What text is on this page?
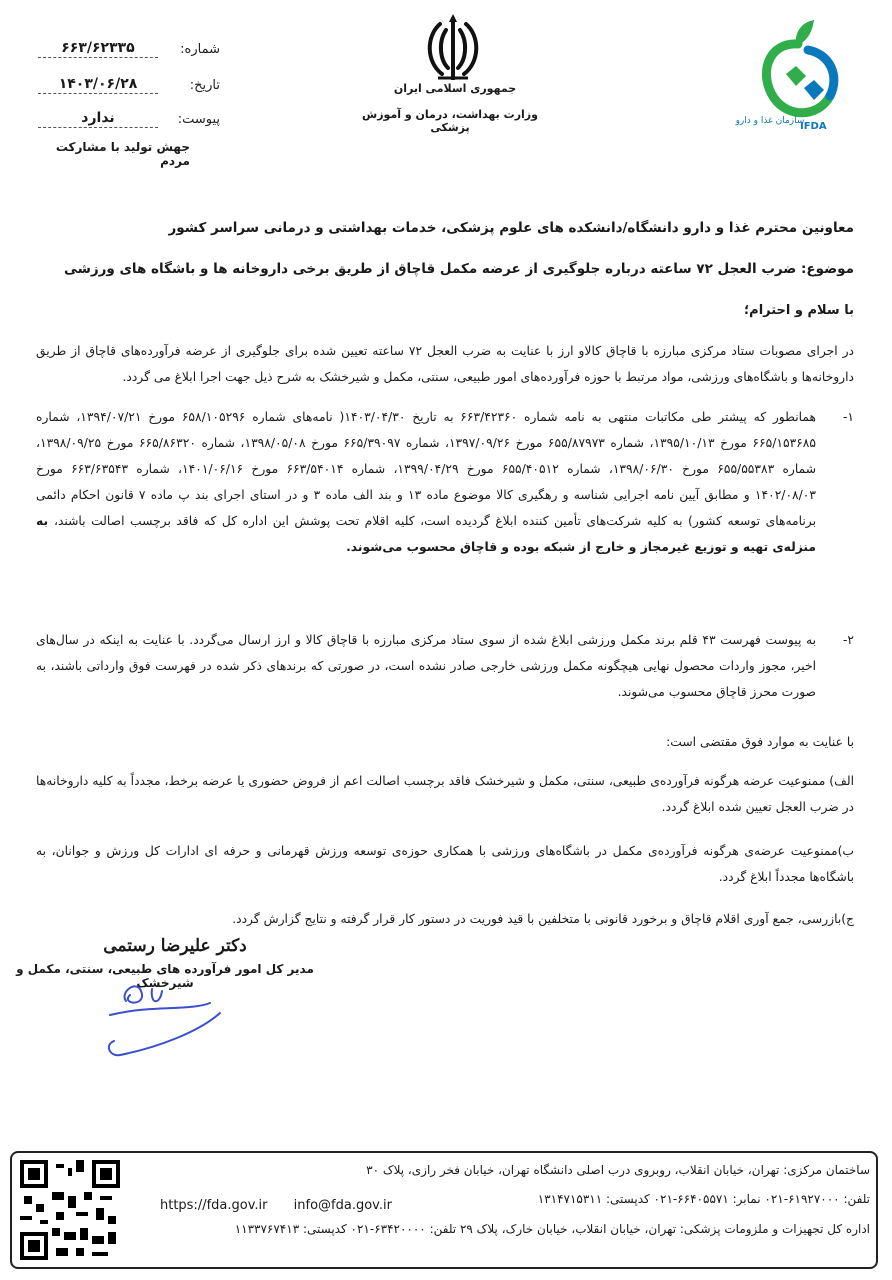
شماره:
۶۶۳/۶۲۳۳۵
تاریخ:
۱۴۰۳/۰۶/۲۸
پیوست:
ندارد
جهش تولید با مشارکت مردم
جمهوری اسلامی ایران
وزارت بهداشت، درمان و آموزش پزشکی	سازمان غذا و دارو
IFDA
معاونین محترم غذا و دارو دانشگاه/دانشکده های علوم پزشکی، خدمات بهداشتی و درمانی سراسر کشور
موضوع: ضرب العجل ۷۲ ساعته درباره جلوگیری از عرضه مکمل قاچاق از طریق برخی داروخانه ها و باشگاه های ورزشی
با سلام و احترام؛
در اجرای مصوبات ستاد مرکزی مبارزه با قاچاق کالاو ارز با عنایت به ضرب العجل ۷۲ ساعته تعیین شده برای جلوگیری از عرضه فرآورده‌های قاچاق از طریق داروخانه‌ها و باشگاه‌های ورزشی، مواد مرتبط با حوزه فرآورده‌های امور طبیعی، سنتی، مکمل و شیرخشک به شرح ذیل جهت اجرا ابلاغ می گردد.
۱-
همانطور که پیشتر طی مکاتبات منتهی به نامه شماره ۶۶۳/۴۲۳۶۰ به تاریخ ۱۴۰۳/۰۴/۳۰( نامه‌های شماره ۶۵۸/۱۰۵۲۹۶ مورخ ۱۳۹۴/۰۷/۲۱، شماره ۶۶۵/۱۵۳۶۸۵ مورخ ۱۳۹۵/۱۰/۱۳، شماره ۶۵۵/۸۷۹۷۳ مورخ ۱۳۹۷/۰۹/۲۶، شماره ۶۶۵/۳۹۰۹۷ مورخ ۱۳۹۸/۰۵/۰۸، شماره ۶۶۵/۸۶۳۲۰ مورخ ۱۳۹۸/۰۹/۲۵، شماره ۶۵۵/۵۵۳۸۳ مورخ ۱۳۹۸/۰۶/۳۰، شماره ۶۵۵/۴۰۵۱۲ مورخ ۱۳۹۹/۰۴/۲۹، شماره ۶۶۳/۵۴۰۱۴ مورخ ۱۴۰۱/۰۶/۱۶، شماره ۶۶۳/۶۳۵۴۳ مورخ ۱۴۰۲/۰۸/۰۳ و مطابق آیین نامه اجرایی شناسه و رهگیری کالا موضوع ماده ۱۳ و بند الف ماده ۳ و در استای اجرای بند پ ماده ۷ قانون احکام دائمی برنامه‌های توسعه کشور) به کلیه شرکت‌های تأمین کننده ابلاغ گردیده است، کلیه اقلام تحت پوشش این اداره کل که فاقد برچسب اصالت باشند، به منزله‌ی تهیه و توزیع غیرمجاز و خارج از شبکه بوده و قاچاق محسوب می‌شوند.
۲-
به پیوست فهرست ۴۳ قلم برند مکمل ورزشی ابلاغ شده از سوی ستاد مرکزی مبارزه با قاچاق کالا و ارز ارسال می‌گردد. با عنایت به اینکه در سال‌های اخیر، مجوز واردات محصول نهایی هیچگونه مکمل ورزشی خارجی صادر نشده است، در صورتی که برندهای ذکر شده در فهرست فوق وارداتی باشند، به صورت محرز قاچاق محسوب می‌شوند.
با عنایت به موارد فوق مقتضی است:
الف) ممنوعیت عرضه هرگونه فرآورده‌ی طبیعی، سنتی، مکمل و شیرخشک فاقد برچسب اصالت اعم از فروض حضوری یا عرضه برخط، مجدداً به کلیه داروخانه‌ها در ضرب العجل تعیین شده ابلاغ گردد.
ب)ممنوعیت عرضه‌ی هرگونه فرآورده‌ی مکمل در باشگاه‌های ورزشی با همکاری حوزه‌ی توسعه ورزش قهرمانی و حرفه ای ادارات کل ورزش و جوانان، به باشگاه‌ها مجدداً ابلاغ گردد.
ج)بازرسی، جمع آوری اقلام قاچاق و برخورد قانونی با متخلفین با قید فوریت در دستور کار قرار گرفته و نتایج گزارش گردد.
دکتر علیرضا رستمی
مدیر کل امور فرآورده های طبیعی، سنتی، مکمل و شیرخشک
ساختمان مرکزی: تهران، خیابان انقلاب، روبروی درب اصلی دانشگاه تهران، خیابان فخر رازی، پلاک ۳۰
تلفن: ۶۱۹۲۷۰۰۰-۰۲۱ نمابر: ۶۶۴۰۵۵۷۱-۰۲۱ کدپستی: ۱۳۱۴۷۱۵۳۱۱
https://fda.gov.ir info@fda.gov.ir
اداره کل تجهیزات و ملزومات پزشکی: تهران، خیابان انقلاب، خیابان خارک، پلاک ۲۹ تلفن: ۶۳۴۲۰۰۰۰-۰۲۱ کدپستی: ۱۱۳۳۷۶۷۴۱۳
